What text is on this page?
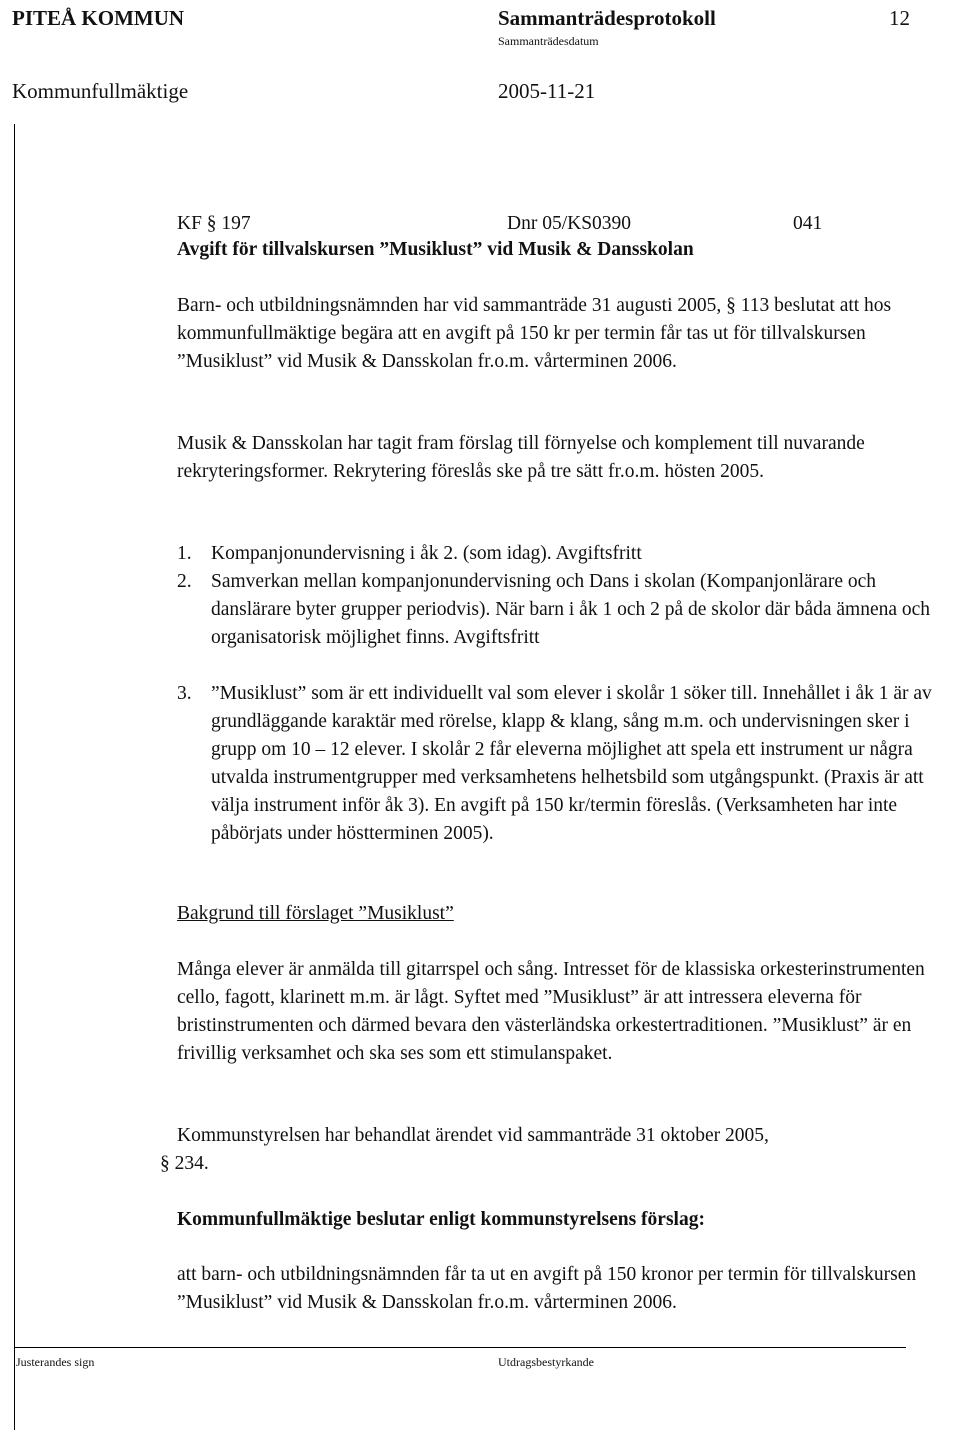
PITEÅ KOMMUN	Sammanträdesprotokoll	12
Sammanträdesdatum
Kommunfullmäktige	2005-11-21
KF § 197	Dnr 05/KS0390	041
Avgift för tillvalskursen ”Musiklust” vid Musik & Dansskolan
Barn- och utbildningsnämnden har vid sammanträde 31 augusti 2005, § 113 beslutat att hos kommunfullmäktige begära att en avgift på 150 kr per termin får tas ut för tillvalskursen ”Musiklust” vid Musik & Dansskolan fr.o.m. vårterminen 2006.
Musik & Dansskolan har tagit fram förslag till förnyelse och komplement till nuvarande rekryteringsformer. Rekrytering föreslås ske på tre sätt fr.o.m. hösten 2005.
1. Kompanjonundervisning i åk 2. (som idag). Avgiftsfritt
2. Samverkan mellan kompanjonundervisning och Dans i skolan (Kompanjonlärare och danslärare byter grupper periodvis). När barn i åk 1 och 2 på de skolor där båda ämnena och organisatorisk möjlighet finns. Avgiftsfritt
3. ”Musiklust” som är ett individuellt val som elever i skolår 1 söker till. Innehållet i åk 1 är av grundläggande karaktär med rörelse, klapp & klang, sång m.m. och undervisningen sker i grupp om 10 – 12 elever. I skolår 2 får eleverna möjlighet att spela ett instrument ur några utvalda instrumentgrupper med verksamhetens helhetsbild som utgångspunkt. (Praxis är att välja instrument inför åk 3). En avgift på 150 kr/termin föreslås. (Verksamheten har inte påbörjats under höstterminen 2005).
Bakgrund till förslaget ”Musiklust”
Många elever är anmälda till gitarrspel och sång. Intresset för de klassiska orkesterinstrumenten cello, fagott, klarinett m.m. är lågt. Syftet med ”Musiklust” är att intressera eleverna för bristinstrumenten och därmed bevara den västerländska orkestertraditionen. ”Musiklust” är en frivillig verksamhet och ska ses som ett stimulanspaket.
Kommunstyrelsen har behandlat ärendet vid sammanträde 31 oktober 2005,
§ 234.
Kommunfullmäktige beslutar enligt kommunstyrelsens förslag:
att barn- och utbildningsnämnden får ta ut en avgift på 150 kronor per termin för tillvalskursen ”Musiklust” vid Musik & Dansskolan fr.o.m. vårterminen 2006.
Justerandes sign	Utdragsbestyrkande
